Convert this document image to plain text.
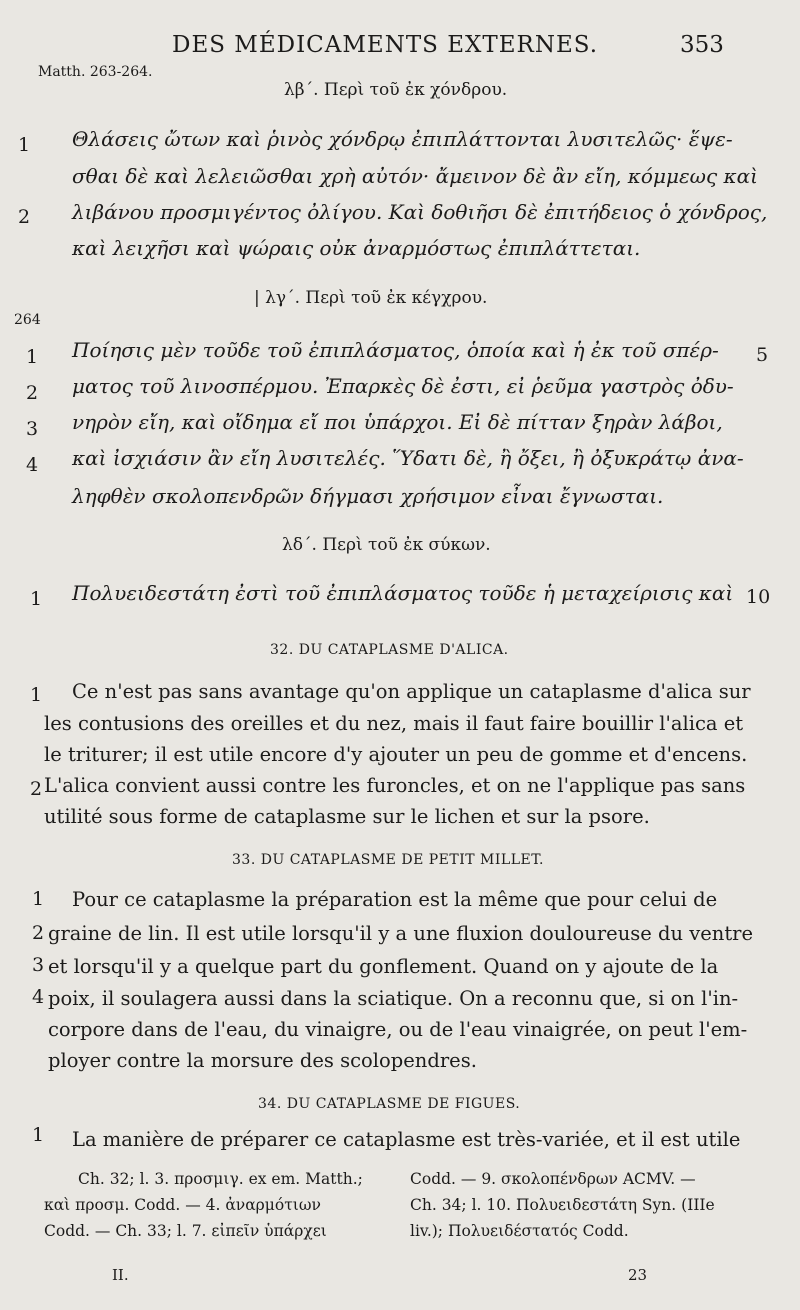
DES MÉDICAMENTS EXTERNES.	353
Matth. 263-264.
λβ΄. Περὶ τοῦ ἐκ χόνδρου.
1 Θλάσεις ὤτων καὶ ῥινὸς χόνδρῳ ἐπιπλάττονται λυσιτελῶς· ἕψε-
σθαι δὲ καὶ λελειῶσθαι χρὴ αὐτόν· ἄμεινον δὲ ἂν εἴη, κόμμεως καὶ
2 λιβάνου προσμιγέντος ὀλίγου. Καὶ δοθιῆσι δὲ ἐπιτήδειος ὁ χόνδρος,
καὶ λειχῆσι καὶ ψώραις οὐκ ἀναρμόστως ἐπιπλάττεται.
| λγ΄. Περὶ τοῦ ἐκ κέγχρου.
264
1 Ποίησις μὲν τοῦδε τοῦ ἐπιπλάσματος, ὁποία καὶ ἡ ἐκ τοῦ σπέρ- 5
2 ματος τοῦ λινοσπέρμου. Ἐπαρκὲς δὲ ἐστι, εἰ ῥεῦμα γαστρὸς ὀδυ-
3 νηρὸν εἴη, καὶ οἴδημα εἴ ποι ὑπάρχοι. Εἰ δὲ πίτταν ξηρὰν λάβοι,
4 καὶ ἰσχιάσιν ἂν εἴη λυσιτελές. Ὕδατι δὲ, ἢ ὄξει, ἢ ὀξυκράτῳ ἀνα-
ληφθὲν σκολοπενδρῶν δήγμασι χρήσιμον εἶναι ἔγνωσται.
λδ΄. Περὶ τοῦ ἐκ σύκων.
1 Πολυειδεστάτη ἐστὶ τοῦ ἐπιπλάσματος τοῦδε ἡ μεταχείρισις καὶ 10
32. DU CATAPLASME D'ALICA.
1 Ce n'est pas sans avantage qu'on applique un cataplasme d'alica sur
les contusions des oreilles et du nez, mais il faut faire bouillir l'alica et
le triturer; il est utile encore d'y ajouter un peu de gomme et d'encens.
2 L'alica convient aussi contre les furoncles, et on ne l'applique pas sans
utilité sous forme de cataplasme sur le lichen et sur la psore.
33. DU CATAPLASME DE PETIT MILLET.
1 Pour ce cataplasme la préparation est la même que pour celui de
2 graine de lin. Il est utile lorsqu'il y a une fluxion douloureuse du ventre
3 et lorsqu'il y a quelque part du gonflement. Quand on y ajoute de la
4 poix, il soulagera aussi dans la sciatique. On a reconnu que, si on l'in-
corpore dans de l'eau, du vinaigre, ou de l'eau vinaigrée, on peut l'em-
ployer contre la morsure des scolopendres.
34. DU CATAPLASME DE FIGUES.
1 La manière de préparer ce cataplasme est très-variée, et il est utile
Ch. 32; l. 3. προσμιγ. ex em. Matth.;
καὶ προσμ. Codd. — 4. ἀναρμότιων
Codd. — Ch. 33; l. 7. εἰπεῖν ὑπάρχει
Codd. — 9. σκολοπένδρων ACMV. —
Ch. 34; l. 10. Πολυειδεστάτη Syn. (IIIe
liv.); Πολυειδέστατός Codd.
II.	23
